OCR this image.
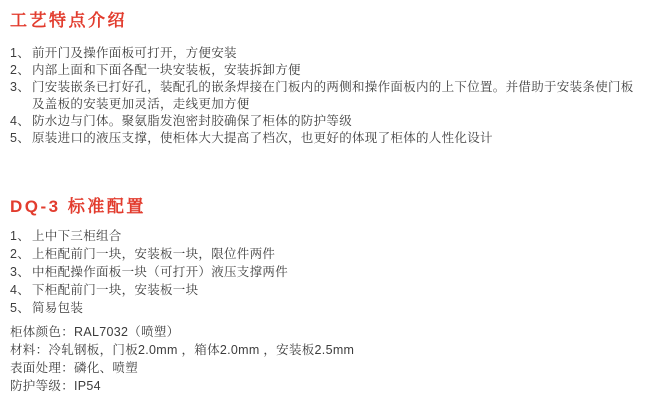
工艺特点介绍
1、 前开门及操作面板可打开，方便安装
2、 内部上面和下面各配一块安装板，安装拆卸方便
3、 门安装嵌条已打好孔，装配孔的嵌条焊接在门板内的两侧和操作面板内的上下位置。并借助于安装条使门板及盖板的安装更加灵活，走线更加方便
4、 防水边与门体。聚氨脂发泡密封胶确保了柜体的防护等级
5、 原装进口的液压支撑，使柜体大大提高了档次，也更好的体现了柜体的人性化设计
DQ-3 标准配置
1、 上中下三柜组合
2、 上柜配前门一块，安装板一块，限位件两件
3、 中柜配操作面板一块（可打开）液压支撑两件
4、 下柜配前门一块，安装板一块
5、 简易包装
柜体颜色：RAL7032（喷塑）
材料：冷轧钢板，门板2.0mm ，箱体2.0mm ，安装板2.5mm
表面处理：磷化、喷塑
防护等级：IP54
